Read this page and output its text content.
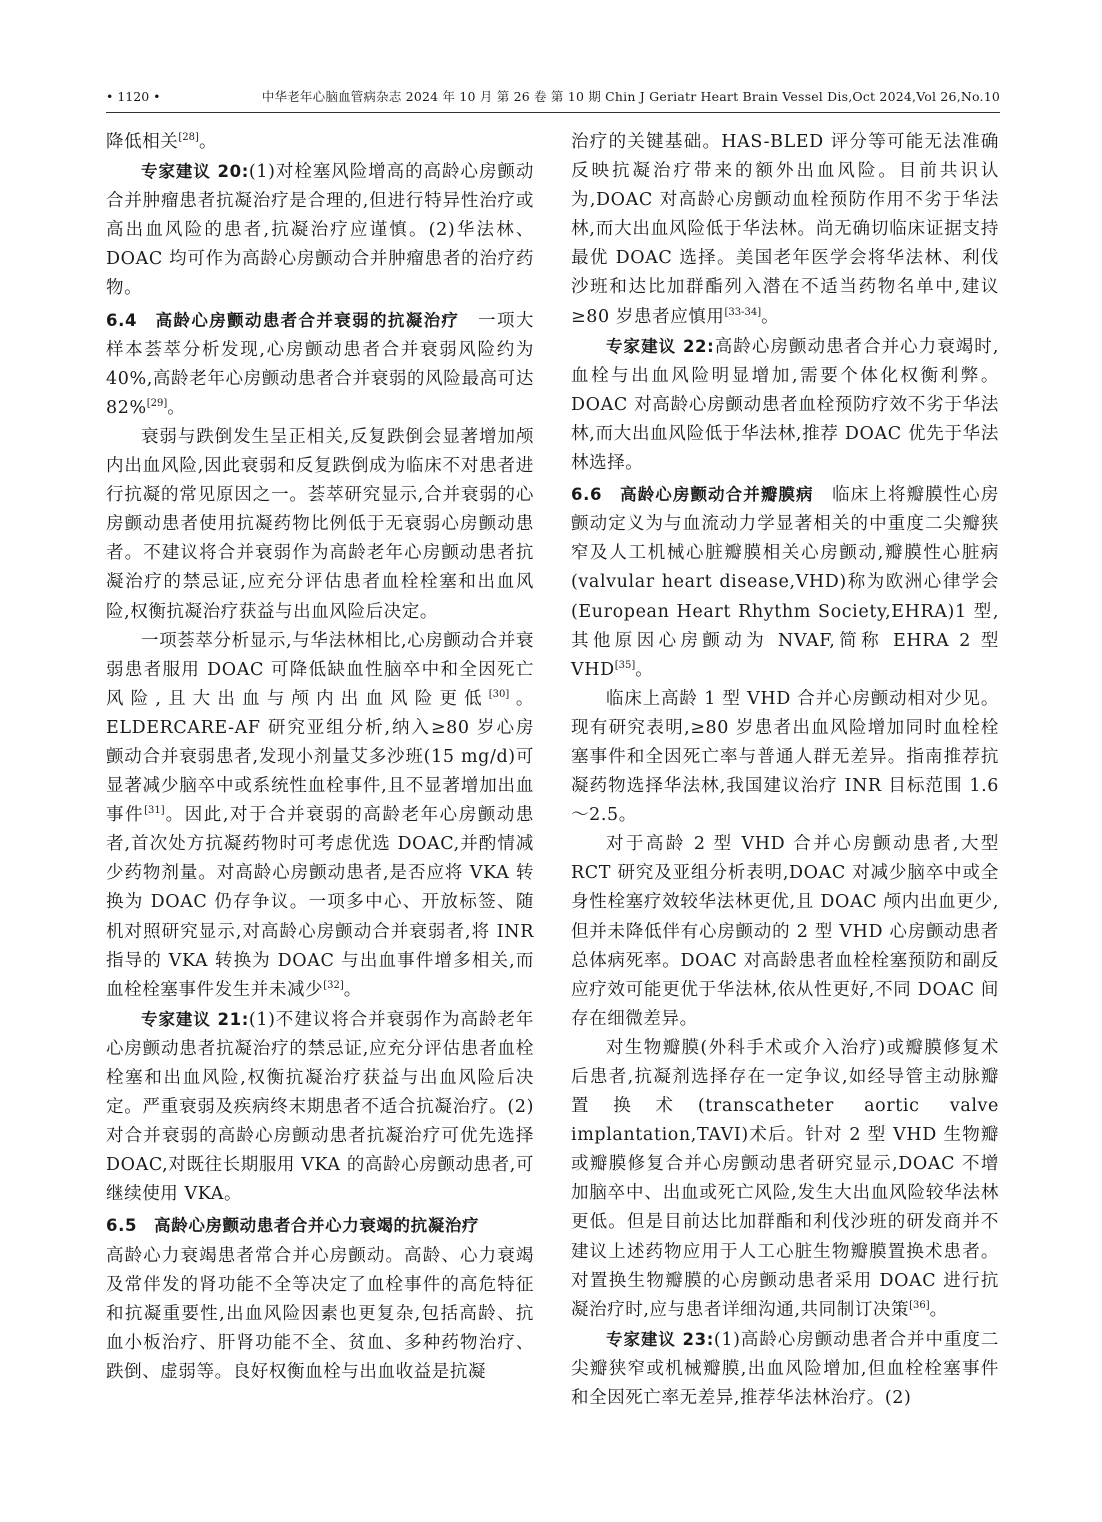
• 1120 •	中华老年心脑血管病杂志 2024 年 10 月 第 26 卷 第 10 期 Chin J Geriatr Heart Brain Vessel Dis,Oct 2024,Vol 26,No.10

降低相关[28]。

专家建议 20:(1)对栓塞风险增高的高龄心房颤动合并肿瘤患者抗凝治疗是合理的,但进行特异性治疗或高出血风险的患者,抗凝治疗应谨慎。(2)华法林、DOAC 均可作为高龄心房颤动合并肿瘤患者的治疗药物。

6.4　高龄心房颤动患者合并衰弱的抗凝治疗　一项大样本荟萃分析发现,心房颤动患者合并衰弱风险约为 40%,高龄老年心房颤动患者合并衰弱的风险最高可达 82%[29]。

衰弱与跌倒发生呈正相关,反复跌倒会显著增加颅内出血风险,因此衰弱和反复跌倒成为临床不对患者进行抗凝的常见原因之一。荟萃研究显示,合并衰弱的心房颤动患者使用抗凝药物比例低于无衰弱心房颤动患者。不建议将合并衰弱作为高龄老年心房颤动患者抗凝治疗的禁忌证,应充分评估患者血栓栓塞和出血风险,权衡抗凝治疗获益与出血风险后决定。

一项荟萃分析显示,与华法林相比,心房颤动合并衰弱患者服用 DOAC 可降低缺血性脑卒中和全因死亡风险,且大出血与颅内出血风险更低[30]。ELDERCARE-AF 研究亚组分析,纳入≥80 岁心房颤动合并衰弱患者,发现小剂量艾多沙班(15 mg/d)可显著减少脑卒中或系统性血栓事件,且不显著增加出血事件[31]。因此,对于合并衰弱的高龄老年心房颤动患者,首次处方抗凝药物时可考虑优选 DOAC,并酌情减少药物剂量。对高龄心房颤动患者,是否应将 VKA 转换为 DOAC 仍存争议。一项多中心、开放标签、随机对照研究显示,对高龄心房颤动合并衰弱者,将 INR 指导的 VKA 转换为 DOAC 与出血事件增多相关,而血栓栓塞事件发生并未减少[32]。

专家建议 21:(1)不建议将合并衰弱作为高龄老年心房颤动患者抗凝治疗的禁忌证,应充分评估患者血栓栓塞和出血风险,权衡抗凝治疗获益与出血风险后决定。严重衰弱及疾病终末期患者不适合抗凝治疗。(2)对合并衰弱的高龄心房颤动患者抗凝治疗可优先选择 DOAC,对既往长期服用 VKA 的高龄心房颤动患者,可继续使用 VKA。

6.5　高龄心房颤动患者合并心力衰竭的抗凝治疗
高龄心力衰竭患者常合并心房颤动。高龄、心力衰竭及常伴发的肾功能不全等决定了血栓事件的高危特征和抗凝重要性,出血风险因素也更复杂,包括高龄、抗血小板治疗、肝肾功能不全、贫血、多种药物治疗、跌倒、虚弱等。良好权衡血栓与出血收益是抗凝

治疗的关键基础。HAS-BLED 评分等可能无法准确反映抗凝治疗带来的额外出血风险。目前共识认为,DOAC 对高龄心房颤动血栓预防作用不劣于华法林,而大出血风险低于华法林。尚无确切临床证据支持最优 DOAC 选择。美国老年医学会将华法林、利伐沙班和达比加群酯列入潜在不适当药物名单中,建议≥80 岁患者应慎用[33-34]。

专家建议 22:高龄心房颤动患者合并心力衰竭时,血栓与出血风险明显增加,需要个体化权衡利弊。DOAC 对高龄心房颤动患者血栓预防疗效不劣于华法林,而大出血风险低于华法林,推荐 DOAC 优先于华法林选择。

6.6　高龄心房颤动合并瓣膜病　临床上将瓣膜性心房颤动定义为与血流动力学显著相关的中重度二尖瓣狭窄及人工机械心脏瓣膜相关心房颤动,瓣膜性心脏病(valvular heart disease,VHD)称为欧洲心律学会(European Heart Rhythm Society,EHRA)1 型,其他原因心房颤动为 NVAF,简称 EHRA 2 型 VHD[35]。

临床上高龄 1 型 VHD 合并心房颤动相对少见。现有研究表明,≥80 岁患者出血风险增加同时血栓栓塞事件和全因死亡率与普通人群无差异。指南推荐抗凝药物选择华法林,我国建议治疗 INR 目标范围 1.6～2.5。

对于高龄 2 型 VHD 合并心房颤动患者,大型 RCT 研究及亚组分析表明,DOAC 对减少脑卒中或全身性栓塞疗效较华法林更优,且 DOAC 颅内出血更少,但并未降低伴有心房颤动的 2 型 VHD 心房颤动患者总体病死率。DOAC 对高龄患者血栓栓塞预防和副反应疗效可能更优于华法林,依从性更好,不同 DOAC 间存在细微差异。

对生物瓣膜(外科手术或介入治疗)或瓣膜修复术后患者,抗凝剂选择存在一定争议,如经导管主动脉瓣置换术(transcatheter aortic valve implantation,TAVI)术后。针对 2 型 VHD 生物瓣或瓣膜修复合并心房颤动患者研究显示,DOAC 不增加脑卒中、出血或死亡风险,发生大出血风险较华法林更低。但是目前达比加群酯和利伐沙班的研发商并不建议上述药物应用于人工心脏生物瓣膜置换术患者。对置换生物瓣膜的心房颤动患者采用 DOAC 进行抗凝治疗时,应与患者详细沟通,共同制订决策[36]。

专家建议 23:(1)高龄心房颤动患者合并中重度二尖瓣狭窄或机械瓣膜,出血风险增加,但血栓栓塞事件和全因死亡率无差异,推荐华法林治疗。(2)
